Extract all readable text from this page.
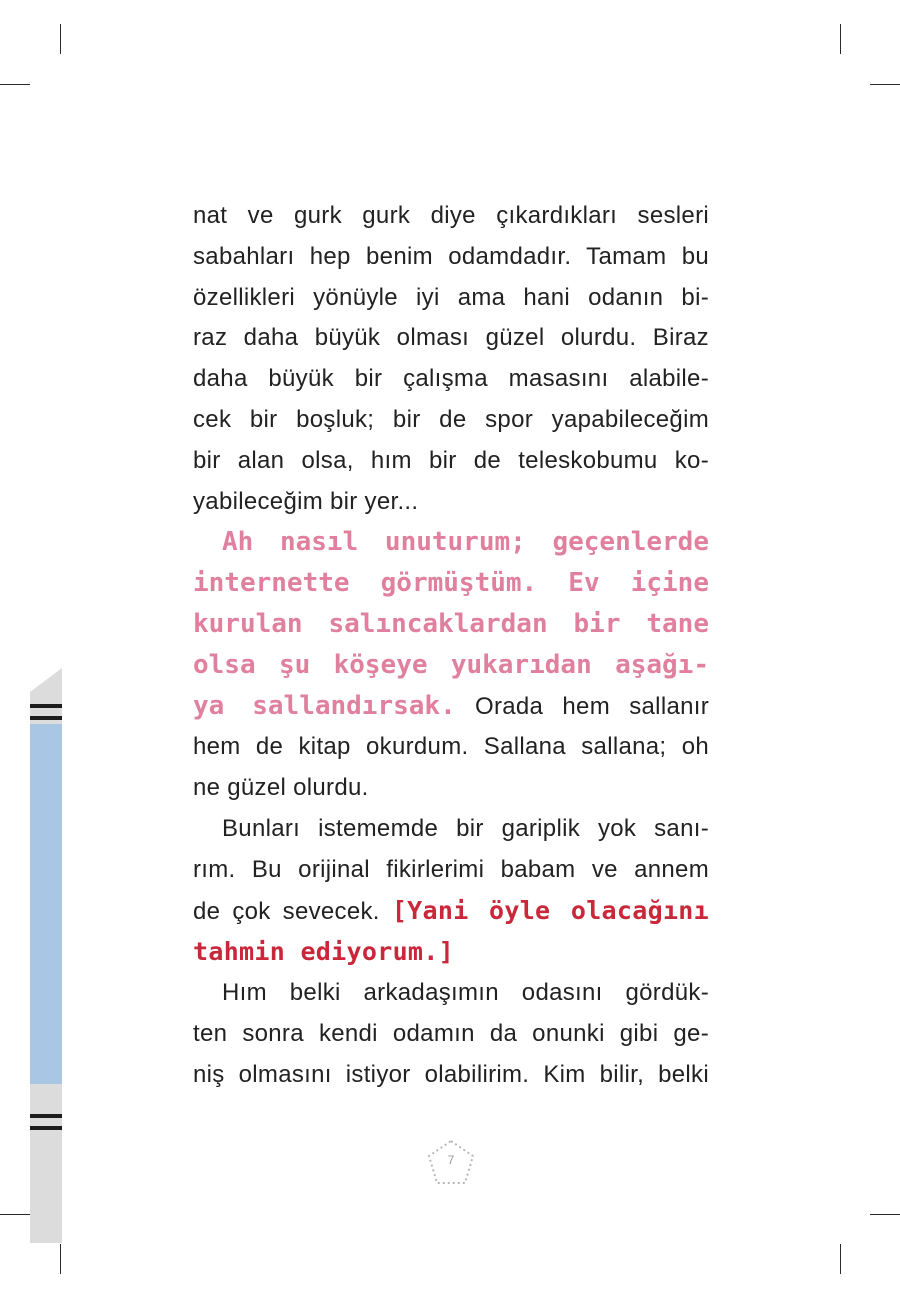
nat ve gurk gurk diye çıkardıkları sesleri
sabahları hep benim odamdadır. Tamam bu
özellikleri yönüyle iyi ama hani odanın bi-
raz daha büyük olması güzel olurdu. Biraz
daha büyük bir çalışma masasını alabile-
cek bir boşluk; bir de spor yapabileceğim
bir alan olsa, hım bir de teleskobumu ko-
yabileceğim bir yer...

Ah nasıl unuturum; geçenlerde
internette görmüştüm. Ev içine
kurulan salıncaklardan bir tane
olsa şu köşeye yukarıdan aşağı-
ya sallandırsak. Orada hem sallanır
hem de kitap okurdum. Sallana sallana; oh
ne güzel olurdu.

Bunları istememde bir gariplik yok sanı-
rım. Bu orijinal fikirlerimi babam ve annem
de çok sevecek. [Yani öyle olacağını
tahmin ediyorum.]

Hım belki arkadaşımın odasını gördük-
ten sonra kendi odamın da onunki gibi ge-
niş olmasını istiyor olabilirim. Kim bilir, belki

7
